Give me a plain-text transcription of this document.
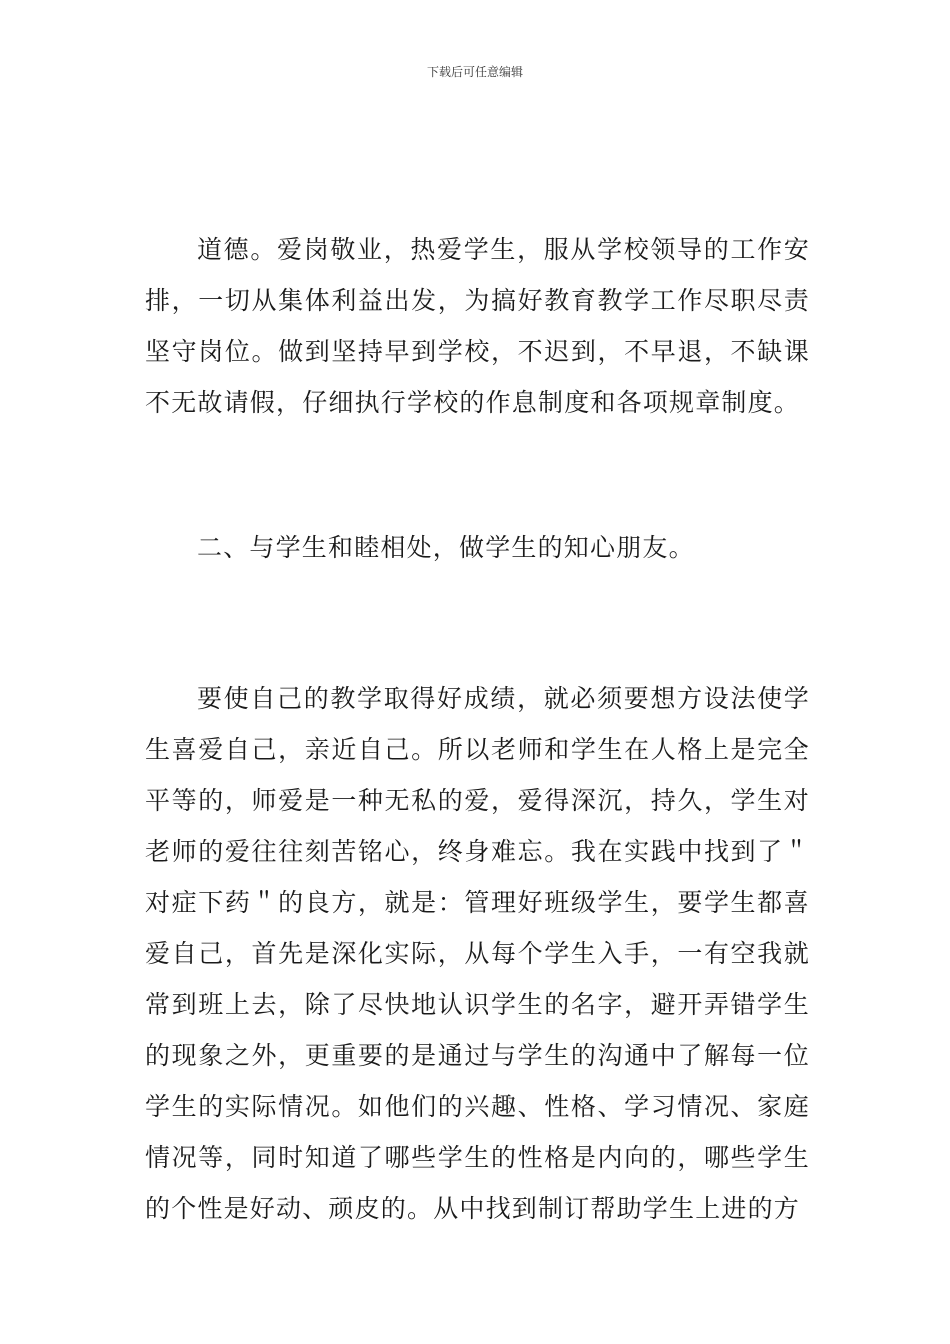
下载后可任意编辑

道德。爱岗敬业，热爱学生，服从学校领导的工作安排，一切从集体利益出发，为搞好教育教学工作尽职尽责坚守岗位。做到坚持早到学校，不迟到，不早退，不缺课不无故请假，仔细执行学校的作息制度和各项规章制度。

二、与学生和睦相处，做学生的知心朋友。

要使自己的教学取得好成绩，就必须要想方设法使学生喜爱自己，亲近自己。所以老师和学生在人格上是完全平等的，师爱是一种无私的爱，爱得深沉，持久，学生对老师的爱往往刻苦铭心，终身难忘。我在实践中找到了＂对症下药＂的良方，就是：管理好班级学生，要学生都喜爱自己，首先是深化实际，从每个学生入手，一有空我就常到班上去，除了尽快地认识学生的名字，避开弄错学生的现象之外，更重要的是通过与学生的沟通中了解每一位学生的实际情况。如他们的兴趣、性格、学习情况、家庭情况等，同时知道了哪些学生的性格是内向的，哪些学生的个性是好动、顽皮的。从中找到制订帮助学生上进的方
